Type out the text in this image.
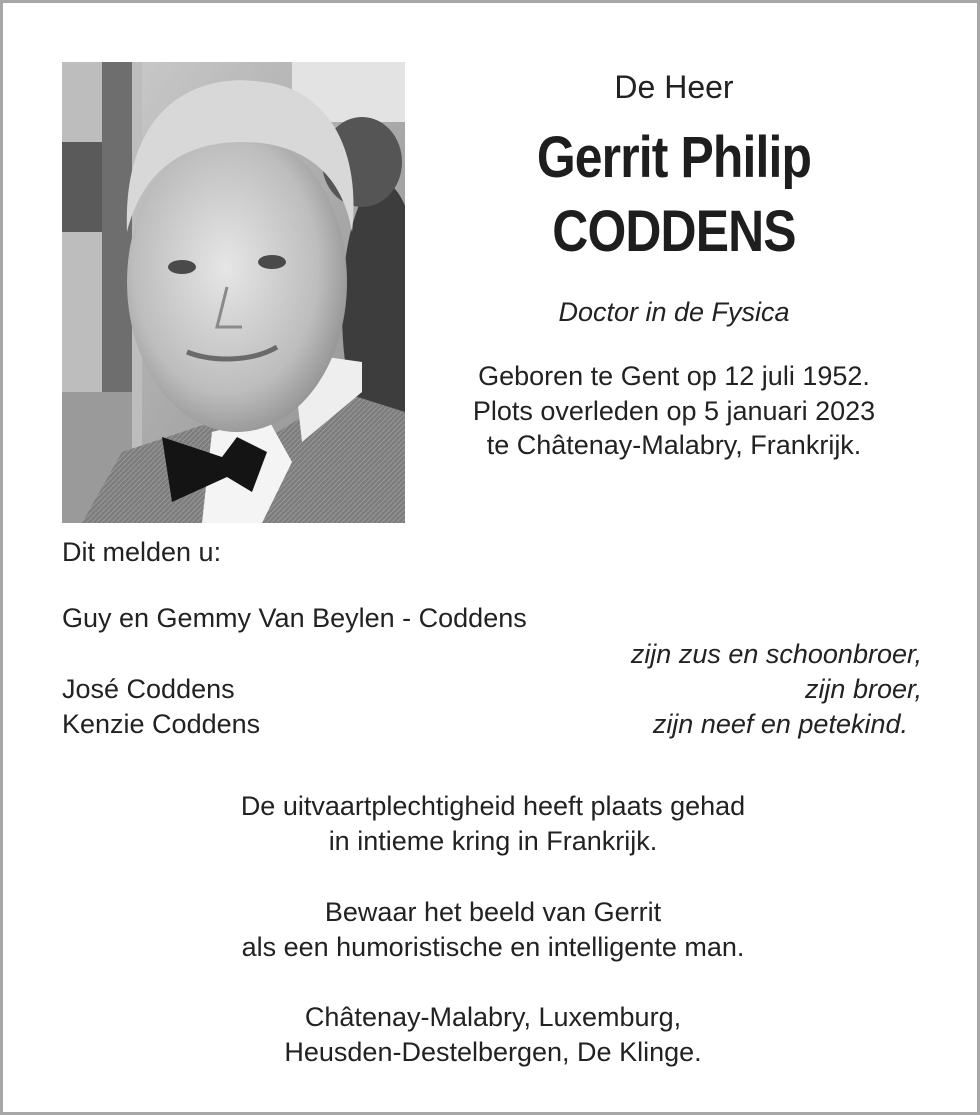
De Heer

Gerrit Philip
CODDENS

Doctor in de Fysica

Geboren te Gent op 12 juli 1952.
Plots overleden op 5 januari 2023
te Châtenay-Malabry, Frankrijk.

Dit melden u:
Guy en Gemmy Van Beylen - Coddens
zijn zus en schoonbroer,
José Coddens	zijn broer,
Kenzie Coddens	zijn neef en petekind.
De uitvaartplechtigheid heeft plaats gehad
in intieme kring in Frankrijk.
Bewaar het beeld van Gerrit
als een humoristische en intelligente man.
Châtenay-Malabry, Luxemburg,
Heusden-Destelbergen, De Klinge.
